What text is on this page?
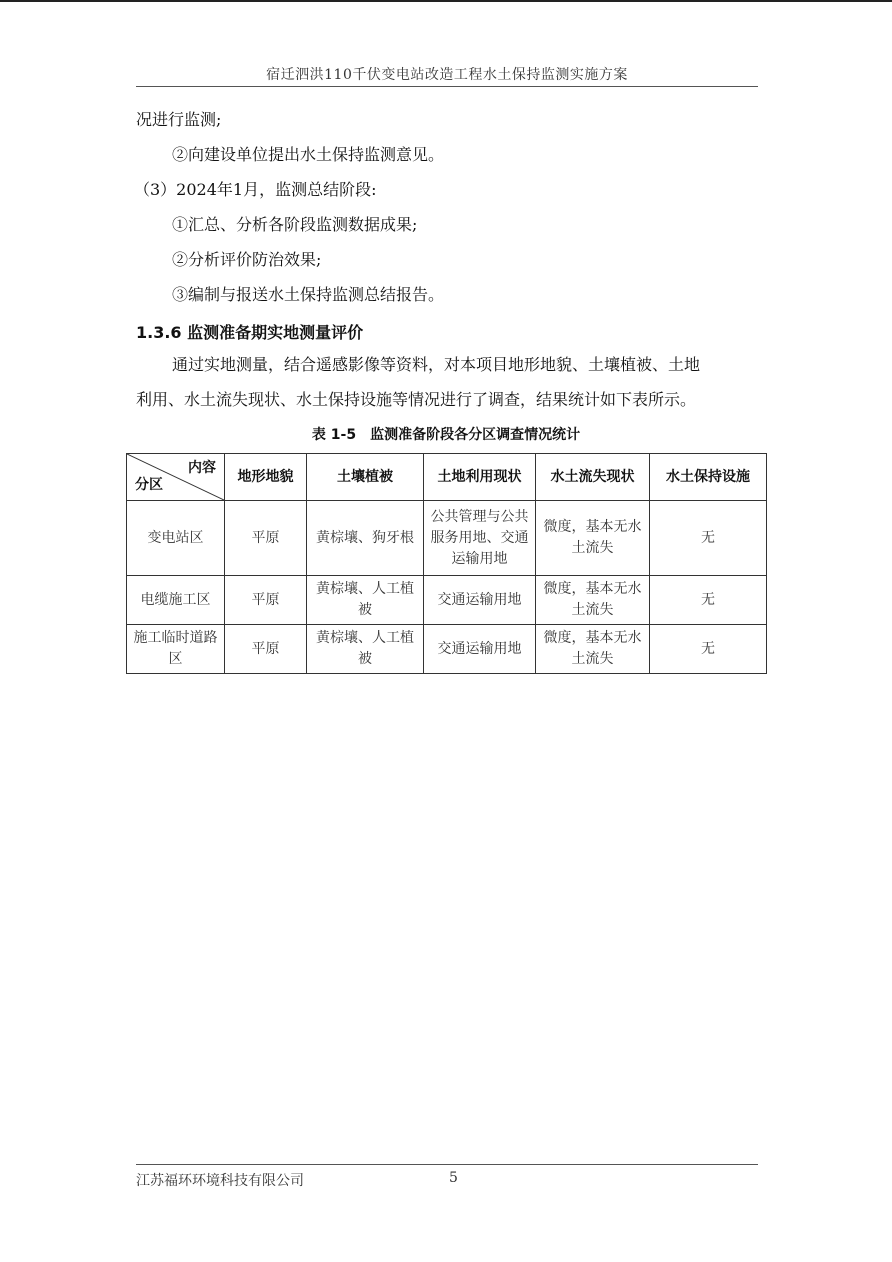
宿迁泗洪110千伏变电站改造工程水土保持监测实施方案
况进行监测;
②向建设单位提出水土保持监测意见。
（3）2024年1月，监测总结阶段:
①汇总、分析各阶段监测数据成果;
②分析评价防治效果;
③编制与报送水土保持监测总结报告。
1.3.6 监测准备期实地测量评价
通过实地测量，结合遥感影像等资料，对本项目地形地貌、土壤植被、土地
利用、水土流失现状、水土保持设施等情况进行了调查，结果统计如下表所示。
表 1-5　监测准备阶段各分区调查情况统计
内容
分区	地形地貌	土壤植被	土地利用现状	水土流失现状	水土保持设施
变电站区	平原	黄棕壤、狗牙根	公共管理与公共服务用地、交通运输用地	微度，基本无水土流失	无
电缆施工区	平原	黄棕壤、人工植被	交通运输用地	微度，基本无水土流失	无
施工临时道路区	平原	黄棕壤、人工植被	交通运输用地	微度，基本无水土流失	无
江苏福环环境科技有限公司	5
